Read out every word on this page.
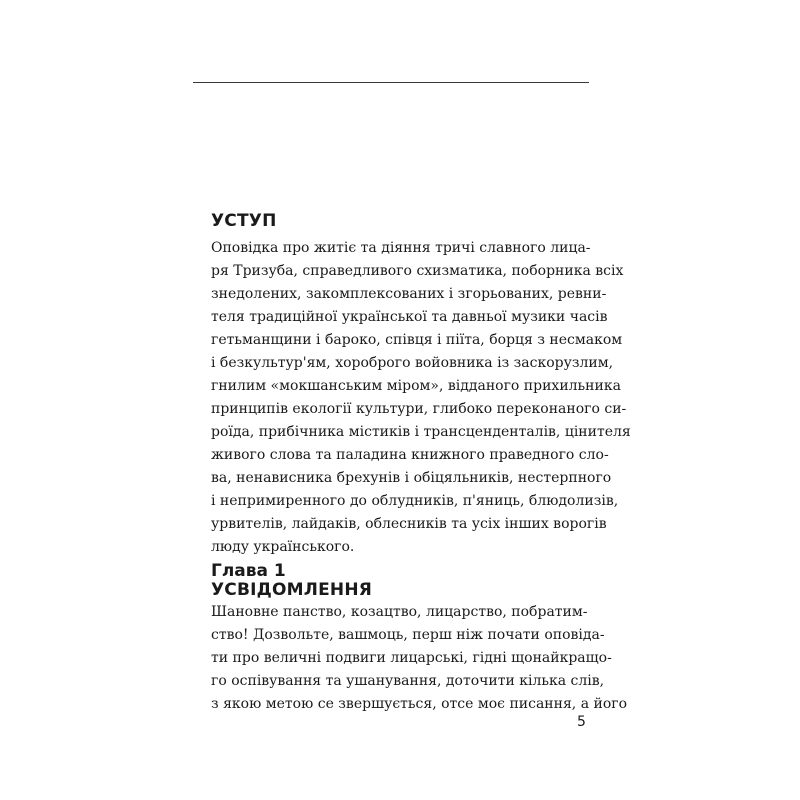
УСТУП
Оповідка про житіє та діяння тричі славного лица-
ря Тризуба, справедливого схизматика, поборника всіх
знедолених, закомплексованих і згорьованих, ревни-
теля традиційної української та давньої музики часів
гетьманщини і бароко, співця і піїта, борця з несмаком
і безкультур'ям, хороброго войовника із заскорузлим,
гнилим «мокшанським міром», відданого прихильника
принципів екології культури, глибоко переконаного си-
роїда, прибічника містиків і трансценденталів, цінителя
живого слова та паладина книжного праведного сло-
ва, ненависника брехунів і обіцяльників, нестерпного
і непримиренного до облудників, п'яниць, блюдолизів,
урвителів, лайдаків, облесників та усіх інших ворогів
люду українського.
Глава 1
УСВІДОМЛЕННЯ
Шановне панство, козацтво, лицарство, побратим-
ство! Дозвольте, вашмоць, перш ніж почати оповіда-
ти про величні подвиги лицарські, гідні щонайкращо-
го оспівування та ушанування, доточити кілька слів,
з якою метою се звершується, отсе моє писання, а його
5
